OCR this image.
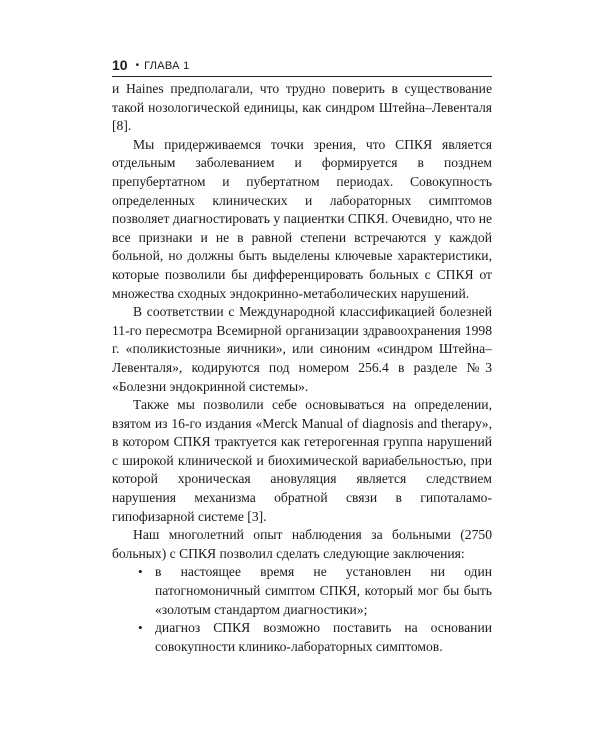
10 • ГЛАВА 1

и Haines предполагали, что трудно поверить в существование такой нозологической единицы, как синдром Штейна–Левенталя [8].

Мы придерживаемся точки зрения, что СПКЯ является отдельным заболеванием и формируется в позднем препубертатном и пубертатном периодах. Совокупность определенных клинических и лабораторных симптомов позволяет диагностировать у пациентки СПКЯ. Очевидно, что не все признаки и не в равной степени встречаются у каждой больной, но должны быть выделены ключевые характеристики, которые позволили бы дифференцировать больных с СПКЯ от множества сходных эндокринно-метаболических нарушений.

В соответствии с Международной классификацией болезней 11-го пересмотра Всемирной организации здравоохранения 1998 г. «поликистозные яичники», или синоним «синдром Штейна–Левенталя», кодируются под номером 256.4 в разделе №3 «Болезни эндокринной системы».

Также мы позволили себе основываться на определении, взятом из 16-го издания «Merck Manual of diagnosis and therapy», в котором СПКЯ трактуется как гетерогенная группа нарушений с широкой клинической и биохимической вариабельностью, при которой хроническая ановуляция является следствием нарушения механизма обратной связи в гипоталамо-гипофизарной системе [3].

Наш многолетний опыт наблюдения за больными (2750 больных) с СПКЯ позволил сделать следующие заключения:

• в настоящее время не установлен ни один патогномоничный симптом СПКЯ, который мог бы быть «золотым стандартом диагностики»;
• диагноз СПКЯ возможно поставить на основании совокупности клинико-лабораторных симптомов.
